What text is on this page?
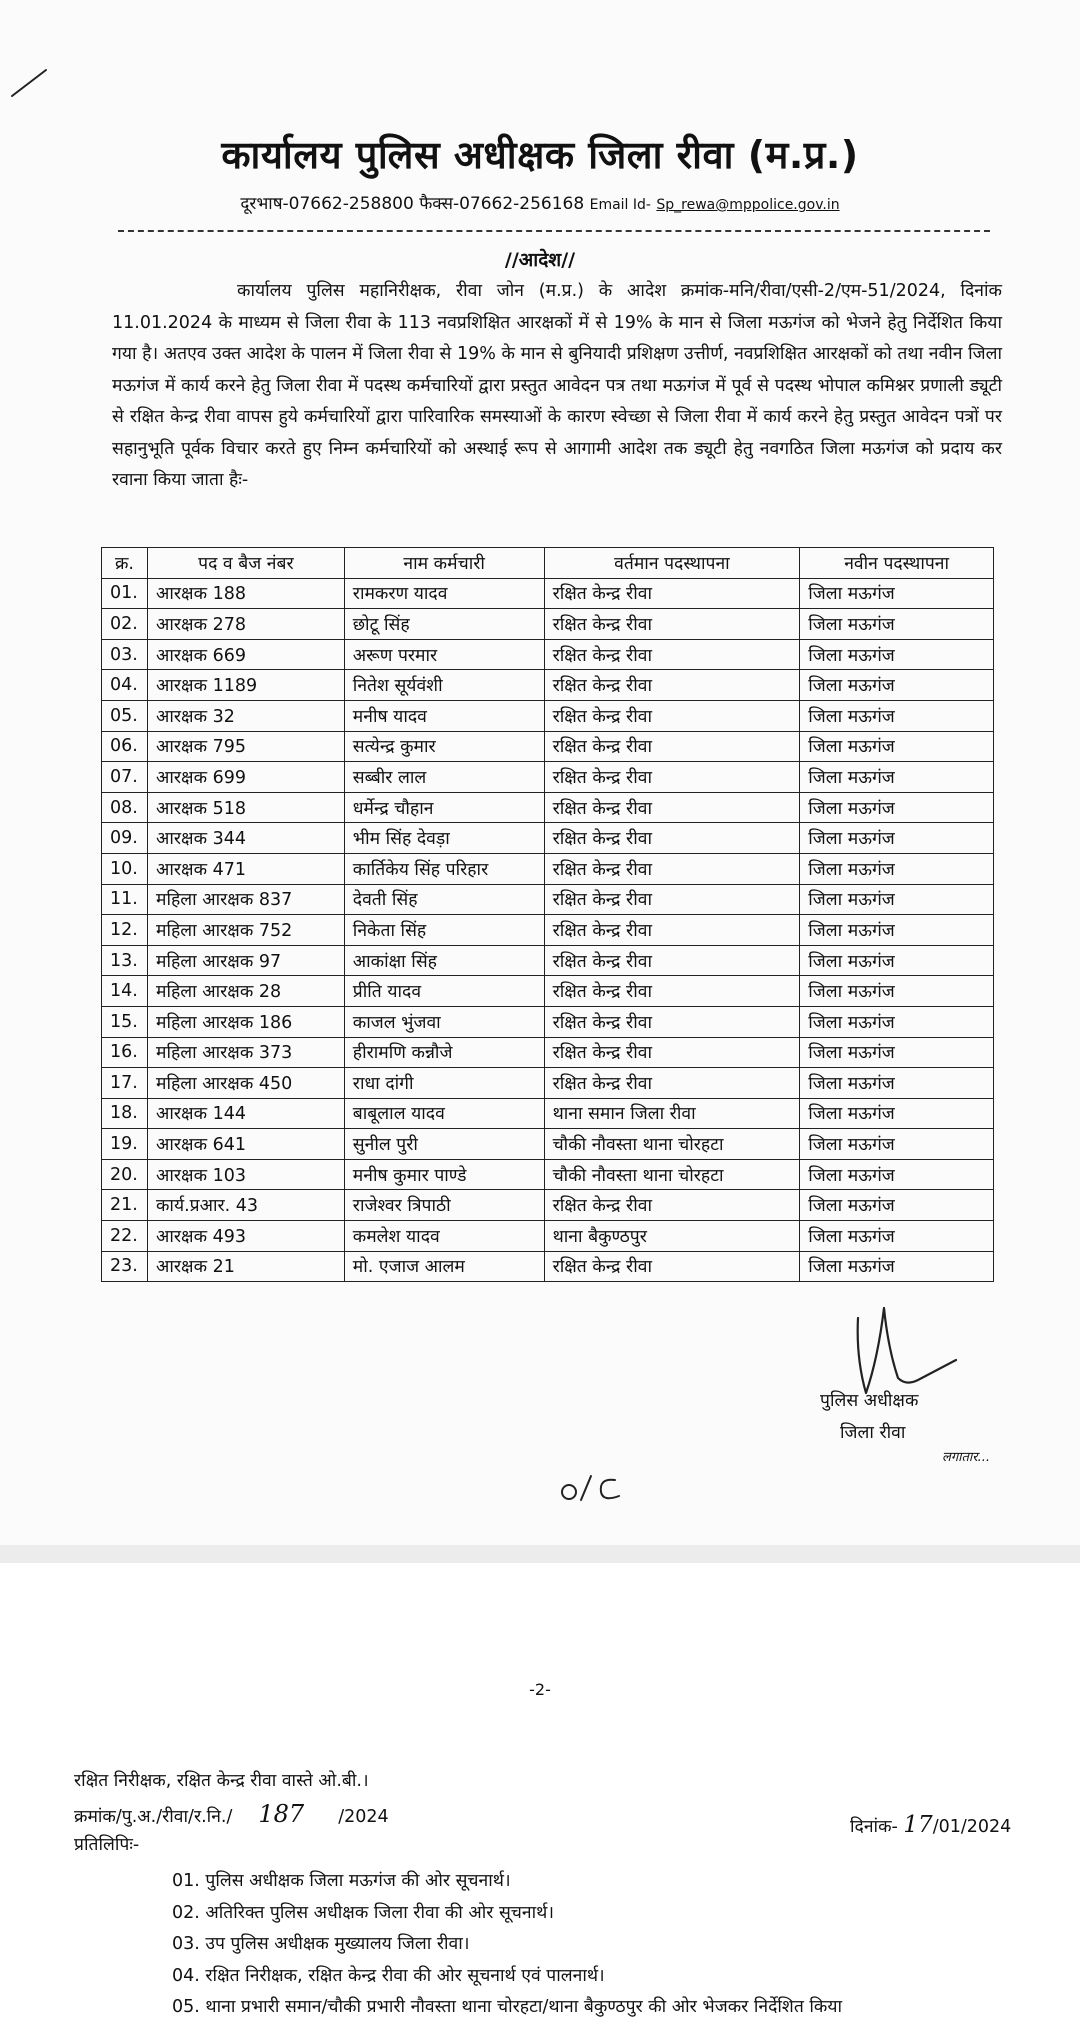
कार्यालय पुलिस अधीक्षक जिला रीवा (म.प्र.)
दूरभाष-07662-258800 फैक्स-07662-256168 Email Id- Sp_rewa@mppolice.gov.in
//आदेश//

कार्यालय पुलिस महानिरीक्षक, रीवा जोन (म.प्र.) के आदेश क्रमांक-मनि/रीवा/एसी-2/एम-51/2024, दिनांक 11.01.2024 के माध्यम से जिला रीवा के 113 नवप्रशिक्षित आरक्षकों में से 19% के मान से जिला मऊगंज को भेजने हेतु निर्देशित किया गया है। अतएव उक्त आदेश के पालन में जिला रीवा से 19% के मान से बुनियादी प्रशिक्षण उत्तीर्ण, नवप्रशिक्षित आरक्षकों को तथा नवीन जिला मऊगंज में कार्य करने हेतु जिला रीवा में पदस्थ कर्मचारियों द्वारा प्रस्तुत आवेदन पत्र तथा मऊगंज में पूर्व से पदस्थ भोपाल कमिश्नर प्रणाली ड्यूटी से रक्षित केन्द्र रीवा वापस हुये कर्मचारियों द्वारा पारिवारिक समस्याओं के कारण स्वेच्छा से जिला रीवा में कार्य करने हेतु प्रस्तुत आवेदन पत्रों पर सहानुभूति पूर्वक विचार करते हुए निम्न कर्मचारियों को अस्थाई रूप से आगामी आदेश तक ड्यूटी हेतु नवगठित जिला मऊगंज को प्रदाय कर रवाना किया जाता हैः-

क्र.	पद व बैज नंबर	नाम कर्मचारी	वर्तमान पदस्थापना	नवीन पदस्थापना
01.	आरक्षक 188	रामकरण यादव	रक्षित केन्द्र रीवा	जिला मऊगंज
02.	आरक्षक 278	छोटू सिंह	रक्षित केन्द्र रीवा	जिला मऊगंज
03.	आरक्षक 669	अरूण परमार	रक्षित केन्द्र रीवा	जिला मऊगंज
04.	आरक्षक 1189	नितेश सूर्यवंशी	रक्षित केन्द्र रीवा	जिला मऊगंज
05.	आरक्षक 32	मनीष यादव	रक्षित केन्द्र रीवा	जिला मऊगंज
06.	आरक्षक 795	सत्येन्द्र कुमार	रक्षित केन्द्र रीवा	जिला मऊगंज
07.	आरक्षक 699	सब्बीर लाल	रक्षित केन्द्र रीवा	जिला मऊगंज
08.	आरक्षक 518	धर्मेन्द्र चौहान	रक्षित केन्द्र रीवा	जिला मऊगंज
09.	आरक्षक 344	भीम सिंह देवड़ा	रक्षित केन्द्र रीवा	जिला मऊगंज
10.	आरक्षक 471	कार्तिकेय सिंह परिहार	रक्षित केन्द्र रीवा	जिला मऊगंज
11.	महिला आरक्षक 837	देवती सिंह	रक्षित केन्द्र रीवा	जिला मऊगंज
12.	महिला आरक्षक 752	निकेता सिंह	रक्षित केन्द्र रीवा	जिला मऊगंज
13.	महिला आरक्षक 97	आकांक्षा सिंह	रक्षित केन्द्र रीवा	जिला मऊगंज
14.	महिला आरक्षक 28	प्रीति यादव	रक्षित केन्द्र रीवा	जिला मऊगंज
15.	महिला आरक्षक 186	काजल भुंजवा	रक्षित केन्द्र रीवा	जिला मऊगंज
16.	महिला आरक्षक 373	हीरामणि कन्नौजे	रक्षित केन्द्र रीवा	जिला मऊगंज
17.	महिला आरक्षक 450	राधा दांगी	रक्षित केन्द्र रीवा	जिला मऊगंज
18.	आरक्षक 144	बाबूलाल यादव	थाना समान जिला रीवा	जिला मऊगंज
19.	आरक्षक 641	सुनील पुरी	चौकी नौवस्ता थाना चोरहटा	जिला मऊगंज
20.	आरक्षक 103	मनीष कुमार पाण्डे	चौकी नौवस्ता थाना चोरहटा	जिला मऊगंज
21.	कार्य.प्रआर. 43	राजेश्वर त्रिपाठी	रक्षित केन्द्र रीवा	जिला मऊगंज
22.	आरक्षक 493	कमलेश यादव	थाना बैकुण्ठपुर	जिला मऊगंज
23.	आरक्षक 21	मो. एजाज आलम	रक्षित केन्द्र रीवा	जिला मऊगंज
पुलिस अधीक्षक
जिला रीवा
लगातार...
-2-
रक्षित निरीक्षक, रक्षित केन्द्र रीवा वास्ते ओ.बी.।
क्रमांक/पु.अ./रीवा/र.नि./ 187 /2024	दिनांक- 17/01/2024
प्रतिलिपिः-
01. पुलिस अधीक्षक जिला मऊगंज की ओर सूचनार्थ।
02. अतिरिक्त पुलिस अधीक्षक जिला रीवा की ओर सूचनार्थ।
03. उप पुलिस अधीक्षक मुख्यालय जिला रीवा।
04. रक्षित निरीक्षक, रक्षित केन्द्र रीवा की ओर सूचनार्थ एवं पालनार्थ।
05. थाना प्रभारी समान/चौकी प्रभारी नौवस्ता थाना चोरहटा/थाना बैकुण्ठपुर की ओर भेजकर निर्देशित किया
